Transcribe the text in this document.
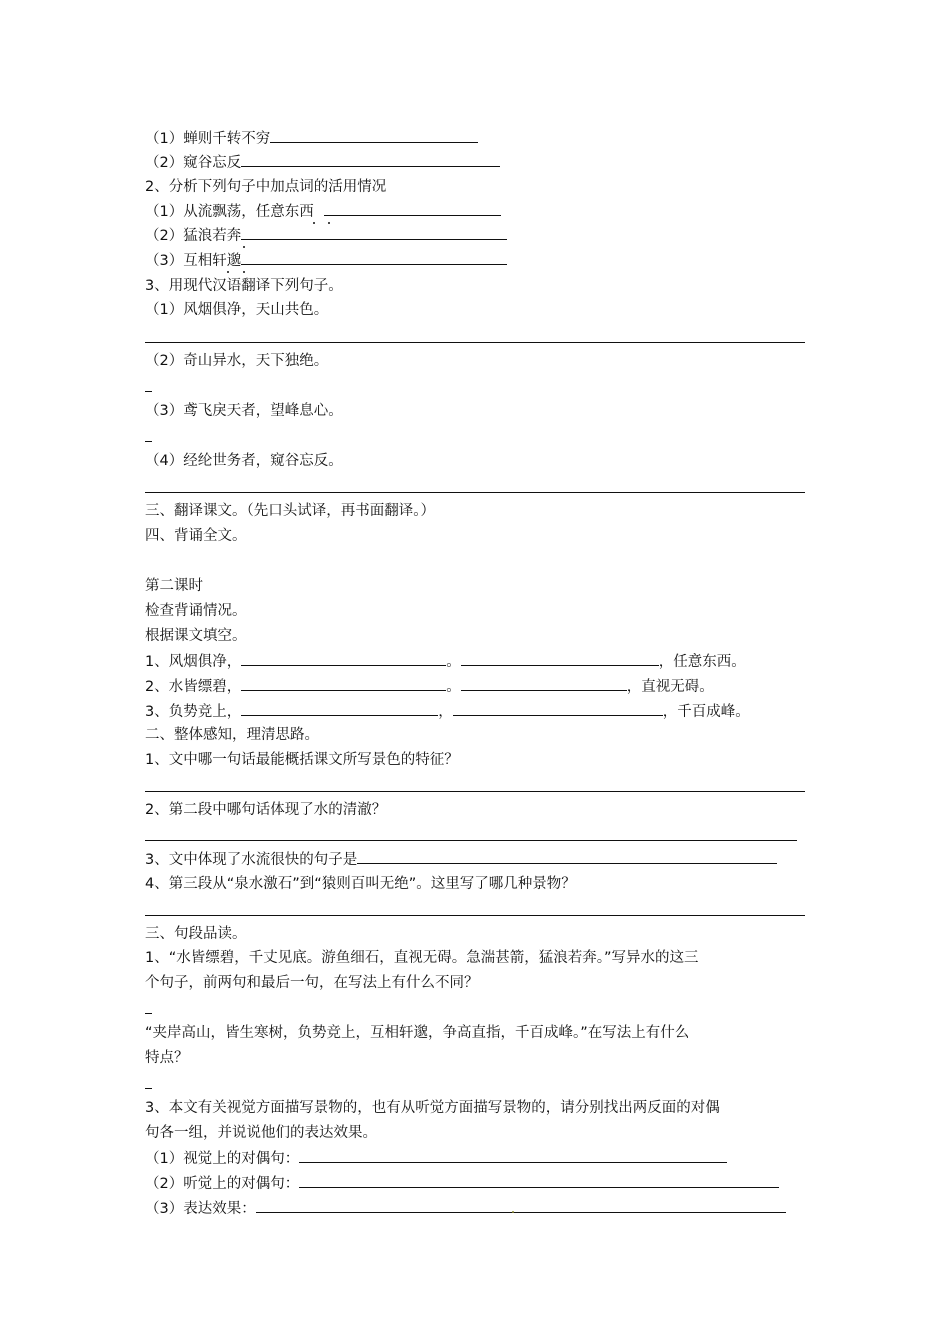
（1）蝉则千转不穷
（2）窥谷忘反
2、分析下列句子中加点词的活用情况
（1）从流飘荡，任意东西
（2）猛浪若奔
（3）互相轩邈
3、用现代汉语翻译下列句子。
（1）风烟俱净，天山共色。
（2）奇山异水，天下独绝。
（3）鸢飞戾天者，望峰息心。
（4）经纶世务者，窥谷忘反。
三、翻译课文。（先口头试译，再书面翻译。）
四、背诵全文。
第二课时
检查背诵情况。
根据课文填空。
1、风烟俱净，	。	，任意东西。
2、水皆缥碧，	。	，直视无碍。
3、负势竞上，	，	，千百成峰。
二、整体感知，理清思路。
1、文中哪一句话最能概括课文所写景色的特征？
2、第二段中哪句话体现了水的清澈？
3、文中体现了水流很快的句子是
4、第三段从“泉水激石”到“猿则百叫无绝”。这里写了哪几种景物？
三、句段品读。
1、“水皆缥碧，千丈见底。游鱼细石，直视无碍。急湍甚箭，猛浪若奔。”写异水的这三
个句子，前两句和最后一句，在写法上有什么不同？
“夹岸高山，皆生寒树，负势竞上，互相轩邈，争高直指，千百成峰。”在写法上有什么
特点？
3、本文有关视觉方面描写景物的，也有从听觉方面描写景物的，请分别找出两反面的对偶
句各一组，并说说他们的表达效果。
（1）视觉上的对偶句：
（2）听觉上的对偶句：
（3）表达效果：
